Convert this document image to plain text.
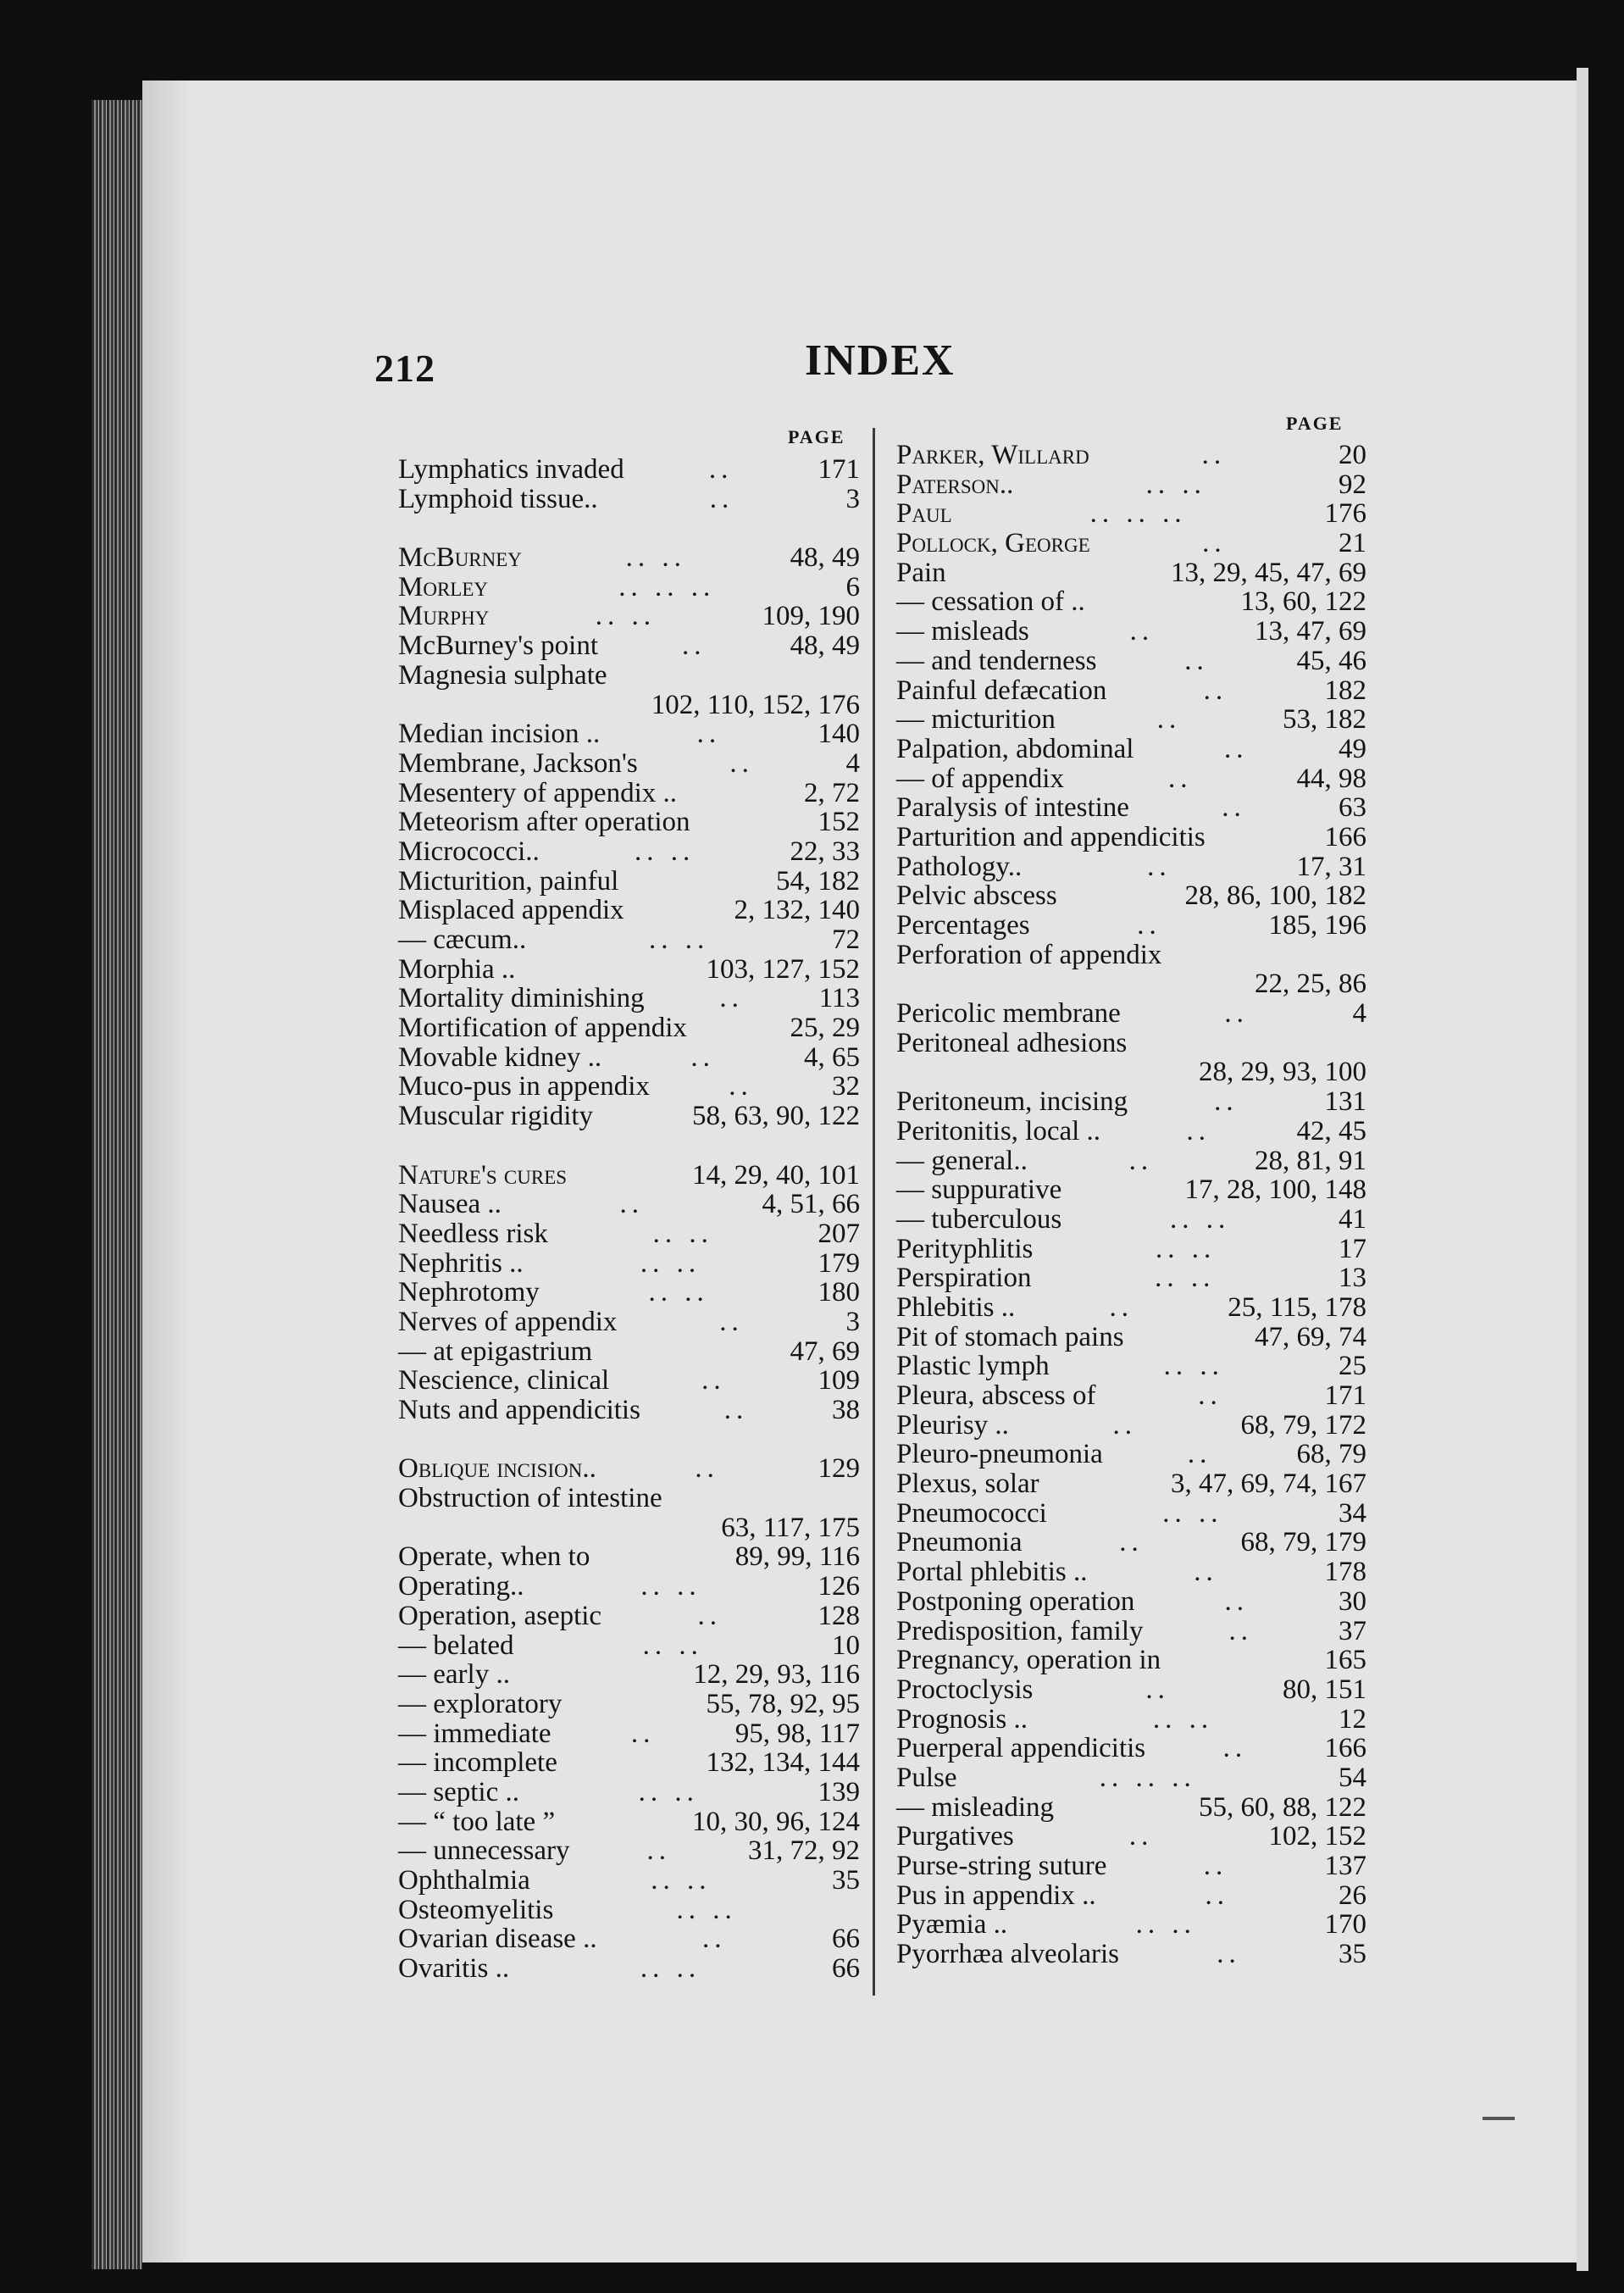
212	INDEX
PAGE
PAGE
Lymphatics invaded	..	171
Lymphoid tissue..	..	3
McBurney	.. ..	48, 49
Morley	.. .. ..	6
Murphy	.. ..	109, 190
McBurney's point	..	48, 49
Magnesia sulphate
102, 110, 152, 176
Median incision ..	..	140
Membrane, Jackson's	..	4
Mesentery of appendix ..	2, 72
Meteorism after operation	152
Micrococci..	.. ..	22, 33
Micturition, painful	54, 182
Misplaced appendix	2, 132, 140
— cæcum..	.. ..	72
Morphia ..	103, 127, 152
Mortality diminishing	..	113
Mortification of appendix	25, 29
Movable kidney ..	..	4, 65
Muco-pus in appendix	..	32
Muscular rigidity	58, 63, 90, 122
Nature's cures	14, 29, 40, 101
Nausea ..	..	4, 51, 66
Needless risk	.. ..	207
Nephritis ..	.. ..	179
Nephrotomy	.. ..	180
Nerves of appendix	..	3
— at epigastrium	47, 69
Nescience, clinical	..	109
Nuts and appendicitis	..	38
Oblique incision..	..	129
Obstruction of intestine
63, 117, 175
Operate, when to	89, 99, 116
Operating..	.. ..	126
Operation, aseptic	..	128
— belated	.. ..	10
— early ..	12, 29, 93, 116
— exploratory	55, 78, 92, 95
— immediate	..	95, 98, 117
— incomplete	132, 134, 144
— septic ..	.. ..	139
— “ too late ”	10, 30, 96, 124
— unnecessary	..	31, 72, 92
Ophthalmia	.. ..	35
Osteomyelitis	.. ..
Ovarian disease ..	..	66
Ovaritis ..	.. ..	66
Parker, Willard	..	20
Paterson..	.. ..	92
Paul	.. .. ..	176
Pollock, George	..	21
Pain	13, 29, 45, 47, 69
— cessation of ..	13, 60, 122
— misleads	..	13, 47, 69
— and tenderness	..	45, 46
Painful defæcation	..	182
— micturition	..	53, 182
Palpation, abdominal	..	49
— of appendix	..	44, 98
Paralysis of intestine	..	63
Parturition and appendicitis	166
Pathology..	..	17, 31
Pelvic abscess	28, 86, 100, 182
Percentages	..	185, 196
Perforation of appendix
22, 25, 86
Pericolic membrane	..	4
Peritoneal adhesions
28, 29, 93, 100
Peritoneum, incising	..	131
Peritonitis, local ..	..	42, 45
— general..	..	28, 81, 91
— suppurative	17, 28, 100, 148
— tuberculous	.. ..	41
Perityphlitis	.. ..	17
Perspiration	.. ..	13
Phlebitis ..	..	25, 115, 178
Pit of stomach pains	47, 69, 74
Plastic lymph	.. ..	25
Pleura, abscess of	..	171
Pleurisy ..	..	68, 79, 172
Pleuro-pneumonia	..	68, 79
Plexus, solar	3, 47, 69, 74, 167
Pneumococci	.. ..	34
Pneumonia	..	68, 79, 179
Portal phlebitis ..	..	178
Postponing operation	..	30
Predisposition, family	..	37
Pregnancy, operation in	165
Proctoclysis	..	80, 151
Prognosis ..	.. ..	12
Puerperal appendicitis	..	166
Pulse	.. .. ..	54
— misleading	55, 60, 88, 122
Purgatives	..	102, 152
Purse-string suture	..	137
Pus in appendix ..	..	26
Pyæmia ..	.. ..	170
Pyorrhæa alveolaris	..	35
